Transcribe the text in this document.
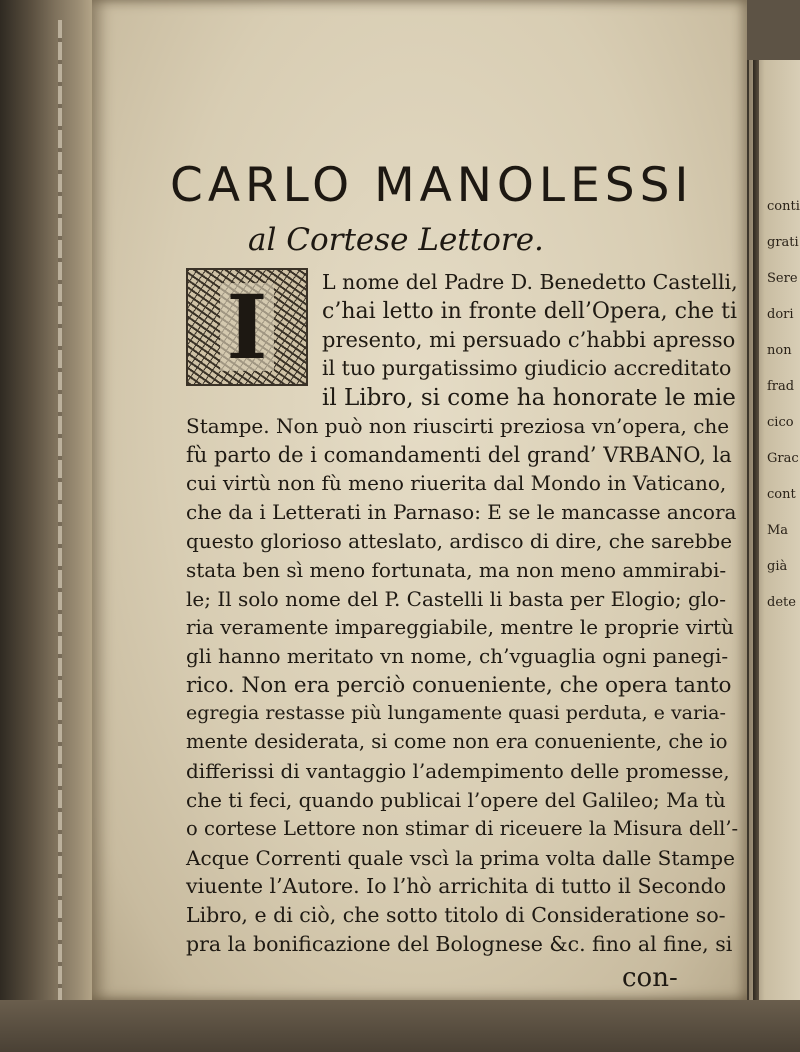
conti
grati
Sere
dori
non
frad
cico
Grac
cont
Ma
già
dete
CARLO MANOLESSI
al Cortese Lettore.
I	L nome del Padre D. Benedetto Castelli,
c’hai letto in fronte dell’Opera, che ti
presento, mi persuado c’habbi apresso
il tuo purgatissimo giudicio accreditato
il Libro, si come ha honorate le mie
Stampe. Non può non riuscirti preziosa vn’opera, che
fù parto de i comandamenti del grand’ VRBANO, la
cui virtù non fù meno riuerita dal Mondo in Vaticano,
che da i Letterati in Parnaso: E se le mancasse ancora
questo glorioso atteslato, ardisco di dire, che sarebbe
stata ben sì meno fortunata, ma non meno ammirabi-
le; Il solo nome del P. Castelli li basta per Elogio; glo-
ria veramente impareggiabile, mentre le proprie virtù
gli hanno meritato vn nome, ch’vguaglia ogni panegi-
rico. Non era perciò conueniente, che opera tanto
egregia restasse più lungamente quasi perduta, e varia-
mente desiderata, si come non era conueniente, che io
differissi di vantaggio l’adempimento delle promesse,
che ti feci, quando publicai l’opere del Galileo; Ma tù
o cortese Lettore non stimar di riceuere la Misura dell’-
Acque Correnti quale vscì la prima volta dalle Stampe
viuente l’Autore. Io l’hò arrichita di tutto il Secondo
Libro, e di ciò, che sotto titolo di Consideratione so-
pra la bonificazione del Bolognese &c. fino al fine, si
con-
